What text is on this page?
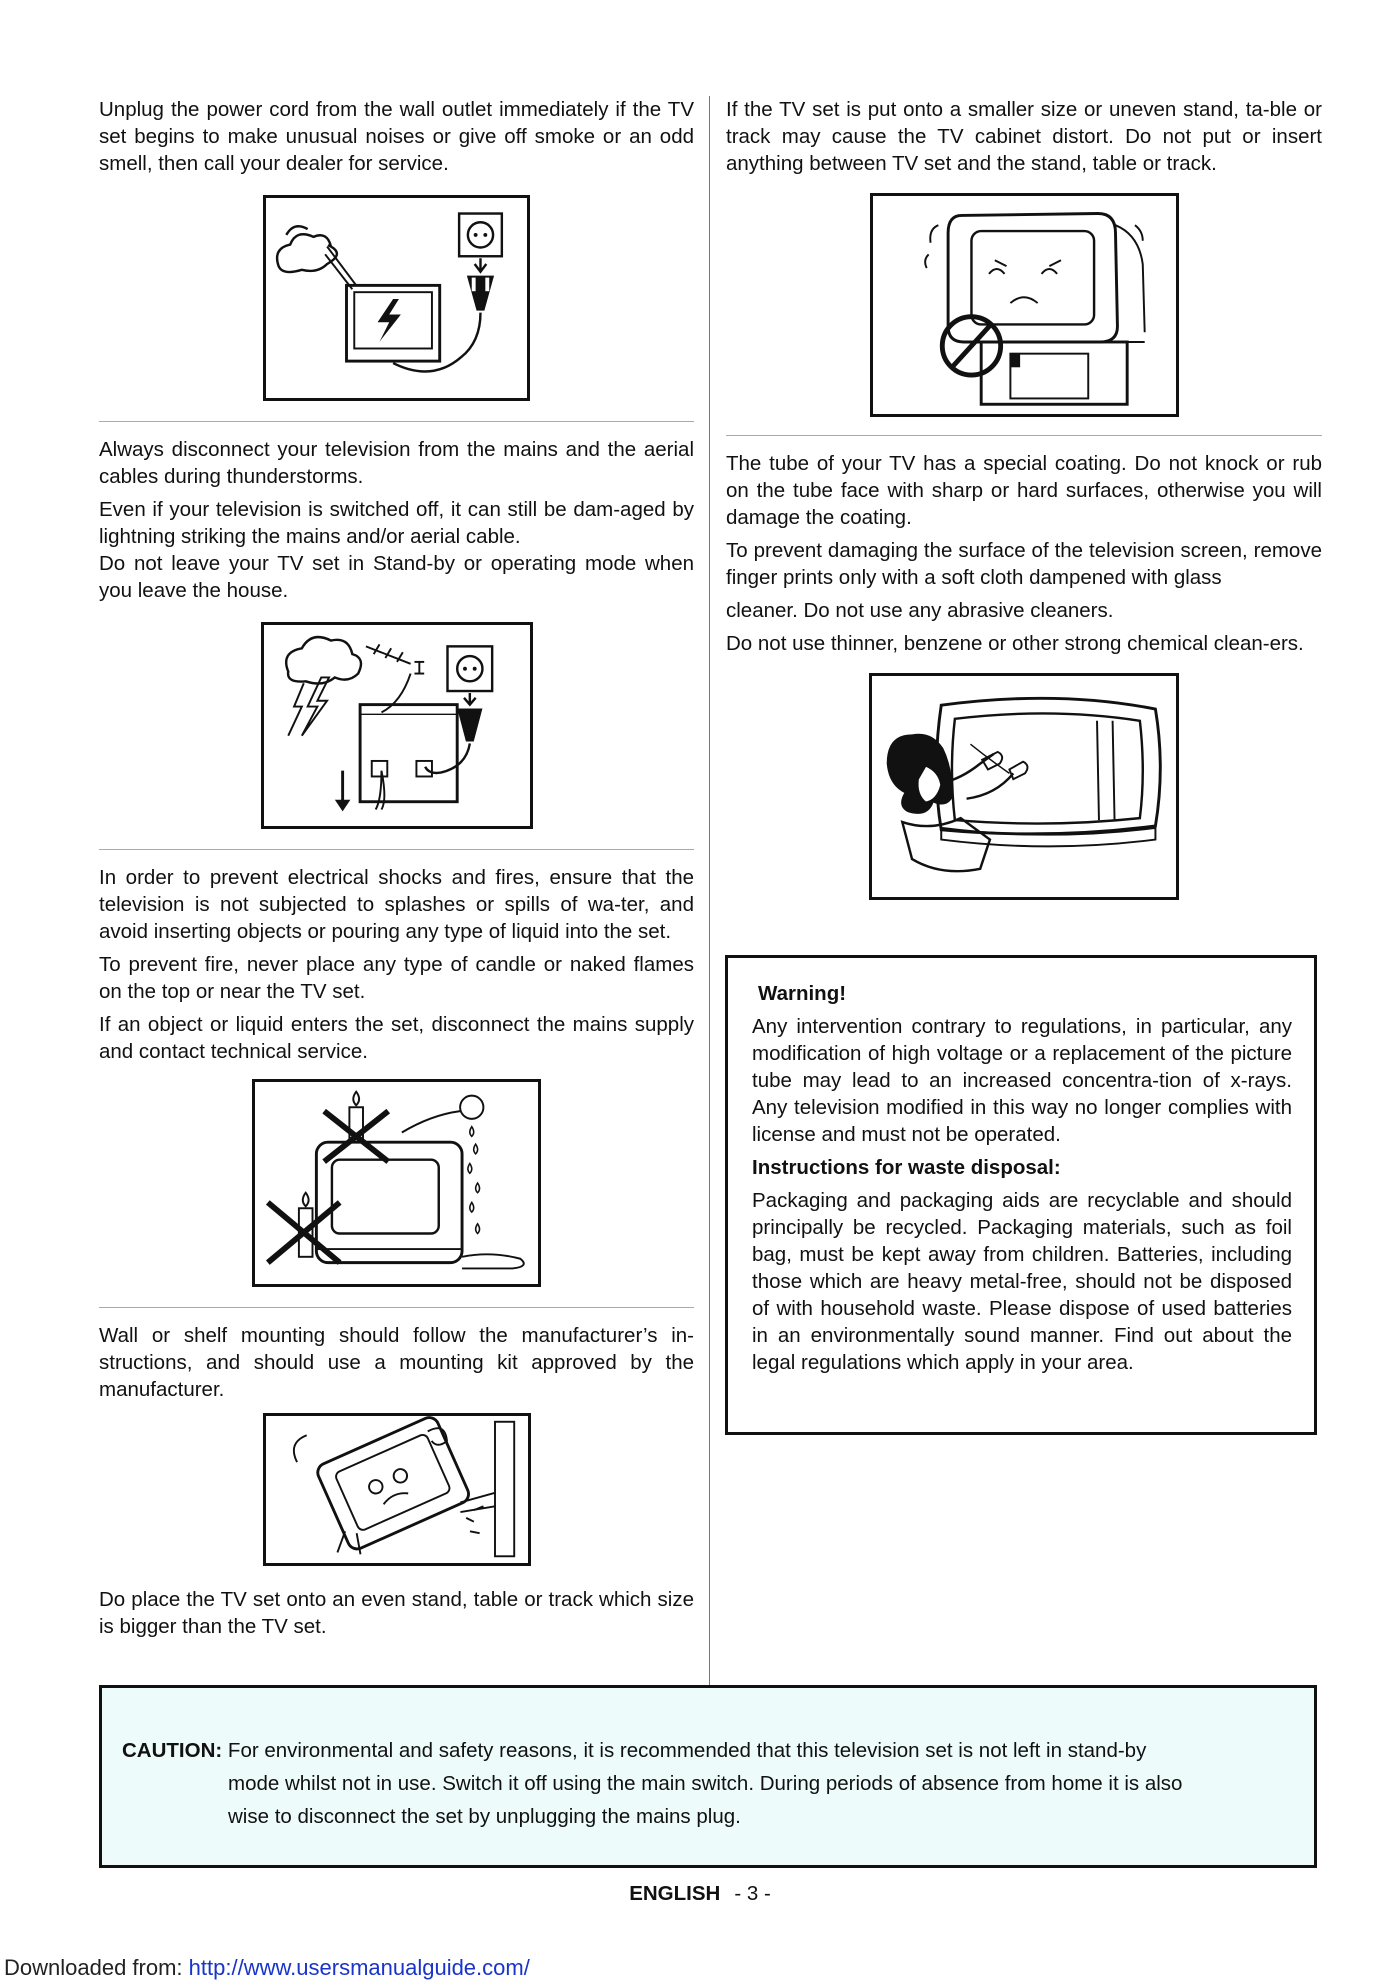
Unplug the power cord from the wall outlet immediately if the TV set begins to make unusual noises or give off smoke or an odd smell, then call your dealer for service.

Always disconnect your television from the mains and the aerial cables during thunderstorms.

Even if your television is switched off, it can still be dam-aged by lightning striking the mains and/or aerial cable.

Do not leave your TV set in Stand-by or operating mode when you leave the house.

In order to prevent electrical shocks and fires, ensure that the television is not subjected to splashes or spills of wa-ter, and avoid inserting objects or pouring any type of liquid into the set.

To prevent fire, never place any type of candle or naked flames on the top or near the TV set.

If an object or liquid enters the set, disconnect the mains supply and contact technical service.

Wall or shelf mounting should follow the manufacturer’s in-structions, and should use a mounting kit approved by the manufacturer.

Do place the TV set onto an even stand, table or track which size is bigger than the TV set.

If the TV set is put onto a smaller size or uneven stand, ta-ble or track may cause the TV cabinet distort. Do not put or insert anything between TV set and the stand, table or track.

The tube of your TV has a special coating. Do not knock or rub on the tube face with sharp or hard surfaces, otherwise you will damage the coating.

To prevent damaging the surface of the television screen, remove finger prints only with a soft cloth dampened with glass

cleaner. Do not use any abrasive cleaners.

Do not use thinner, benzene or other strong chemical clean-ers.

Warning!

Any intervention contrary to regulations, in particular, any modification of high voltage or a replacement of the picture tube may lead to an increased concentra-tion of x-rays. Any television modified in this way no longer complies with license and must not be operated.

Instructions for waste disposal:

Packaging and packaging aids are recyclable and should principally be recycled. Packaging materials, such as foil bag, must be kept away from children. Batteries, including those which are heavy metal-free, should not be disposed of with household waste. Please dispose of used batteries in an environmentally sound manner. Find out about the legal regulations which apply in your area.

CAUTION: For environmental and safety reasons, it is recommended that this television set is not left in stand-by
mode whilst not in use. Switch it off using the main switch. During periods of absence from home it is also
wise to disconnect the set by unplugging the mains plug.

ENGLISH - 3 -
Downloaded from: http://www.usersmanualguide.com/
